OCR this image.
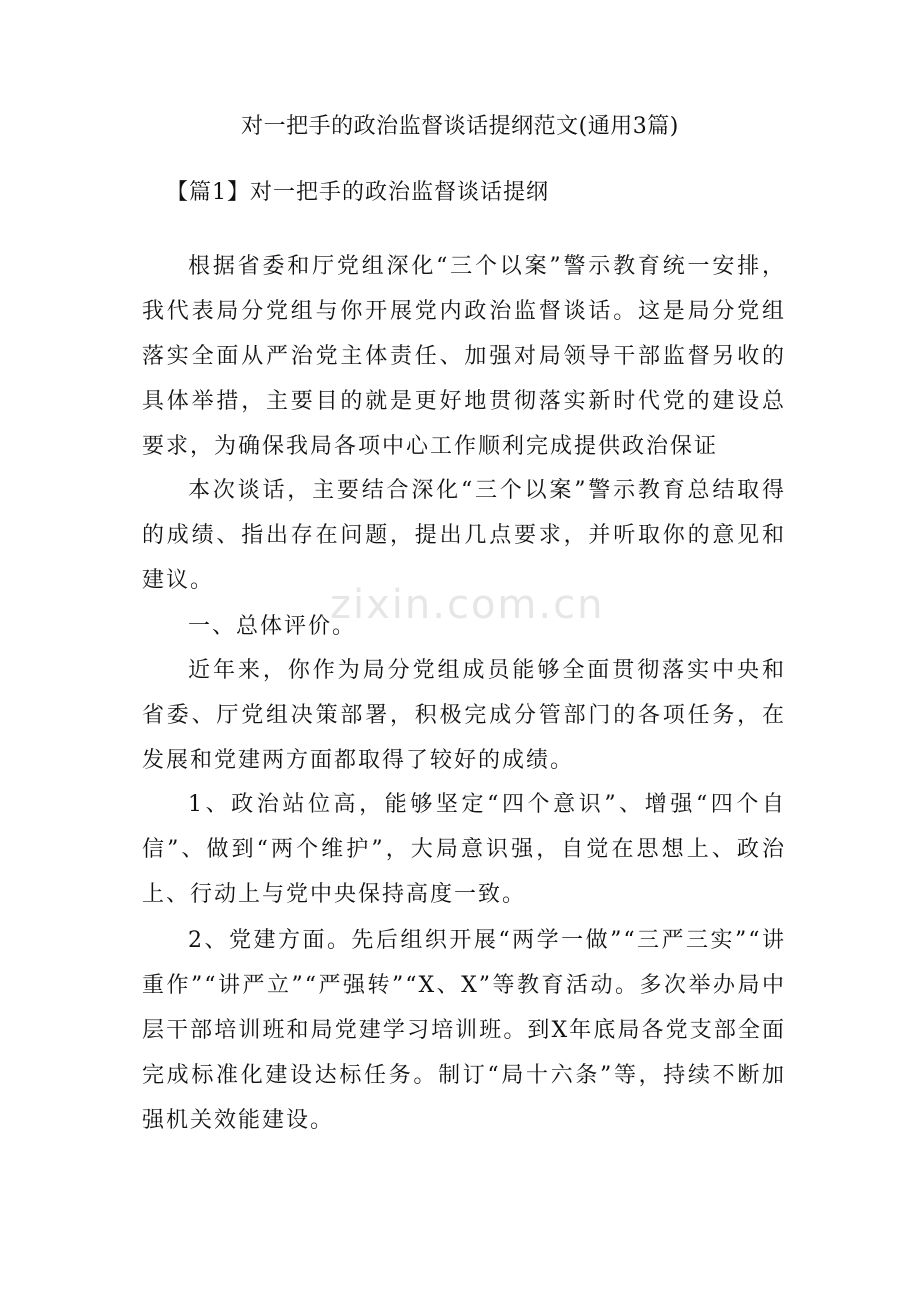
zixin.com.cn
对一把手的政治监督谈话提纲范文(通用3篇)
【篇1】对一把手的政治监督谈话提纲

根据省委和厅党组深化“三个以案”警示教育统一安排，我代表局分党组与你开展党内政治监督谈话。这是局分党组落实全面从严治党主体责任、加强对局领导干部监督另收的具体举措，主要目的就是更好地贯彻落实新时代党的建设总要求，为确保我局各项中心工作顺利完成提供政治保证

本次谈话，主要结合深化“三个以案”警示教育总结取得的成绩、指出存在问题，提出几点要求，并听取你的意见和建议。

一、总体评价。

近年来，你作为局分党组成员能够全面贯彻落实中央和省委、厅党组决策部署，积极完成分管部门的各项任务，在发展和党建两方面都取得了较好的成绩。

1、政治站位高，能够坚定“四个意识”、增强“四个自信”、做到“两个维护”，大局意识强，自觉在思想上、政治上、行动上与党中央保持高度一致。

2、党建方面。先后组织开展“两学一做”“三严三实”“讲重作”“讲严立”“严强转”“X、X”等教育活动。多次举办局中层干部培训班和局党建学习培训班。到X年底局各党支部全面完成标准化建设达标任务。制订“局十六条”等，持续不断加强机关效能建设。
